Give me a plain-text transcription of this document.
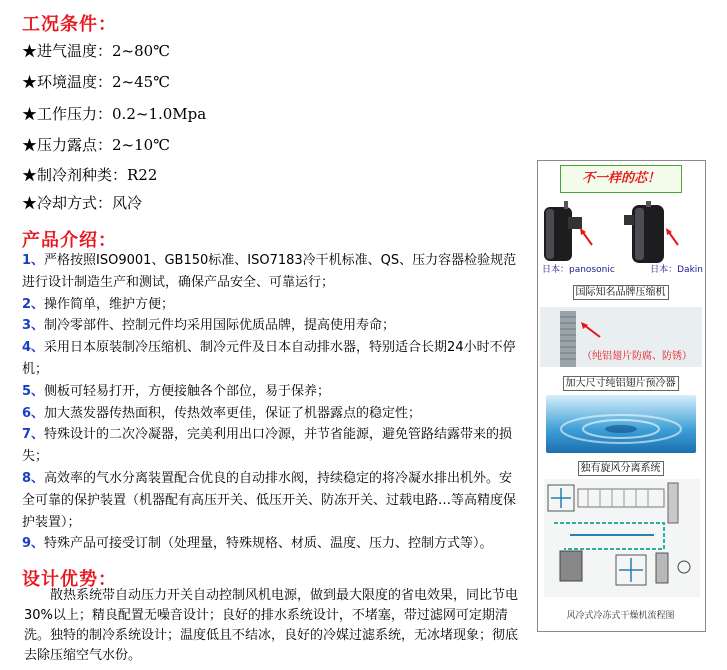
工况条件：
★进气温度：2~80℃
★环境温度：2~45℃
★工作压力：0.2~1.0Mpa
★压力露点：2~10℃
★制冷剂种类：R22
★冷却方式：风冷
产品介绍：

1、严格按照ISO9001、GB150标准、ISO7183冷干机标准、QS、压力容器检验规范进行设计制造生产和测试，确保产品安全、可靠运行；

2、操作简单，维护方便；

3、制冷零部件、控制元件均采用国际优质品牌，提高使用寿命；

4、采用日本原装制冷压缩机、制冷元件及日本自动排水器，特别适合长期24小时不停机；

5、侧板可轻易打开，方便接触各个部位，易于保养；

6、加大蒸发器传热面积，传热效率更佳，保证了机器露点的稳定性；

7、特殊设计的二次冷凝器，完美利用出口冷源，并节省能源，避免管路结露带来的损失；

8、高效率的气水分离装置配合优良的自动排水阀，持续稳定的将冷凝水排出机外。安全可靠的保护装置（机器配有高压开关、低压开关、防冻开关、过载电路…等高精度保护装置）；

9、特殊产品可接受订制（处理量，特殊规格、材质、温度、压力、控制方式等）。

设计优势：
散热系统带自动压力开关自动控制风机电源，做到最大限度的省电效果，同比节电30%以上；精良配置无噪音设计；良好的排水系统设计，不堵塞，带过滤网可定期清洗。独特的制冷系统设计；温度低且不结冰，良好的冷媒过滤系统，无冰堵现象；彻底去除压缩空气水份。
不一样的芯！
日本：panosonic	日本：Dakin
国际知名品牌压缩机
（纯铝翅片防腐、防锈）
加大尺寸纯铝翅片预冷器
独有旋风分离系统
风冷式冷冻式干燥机流程图
